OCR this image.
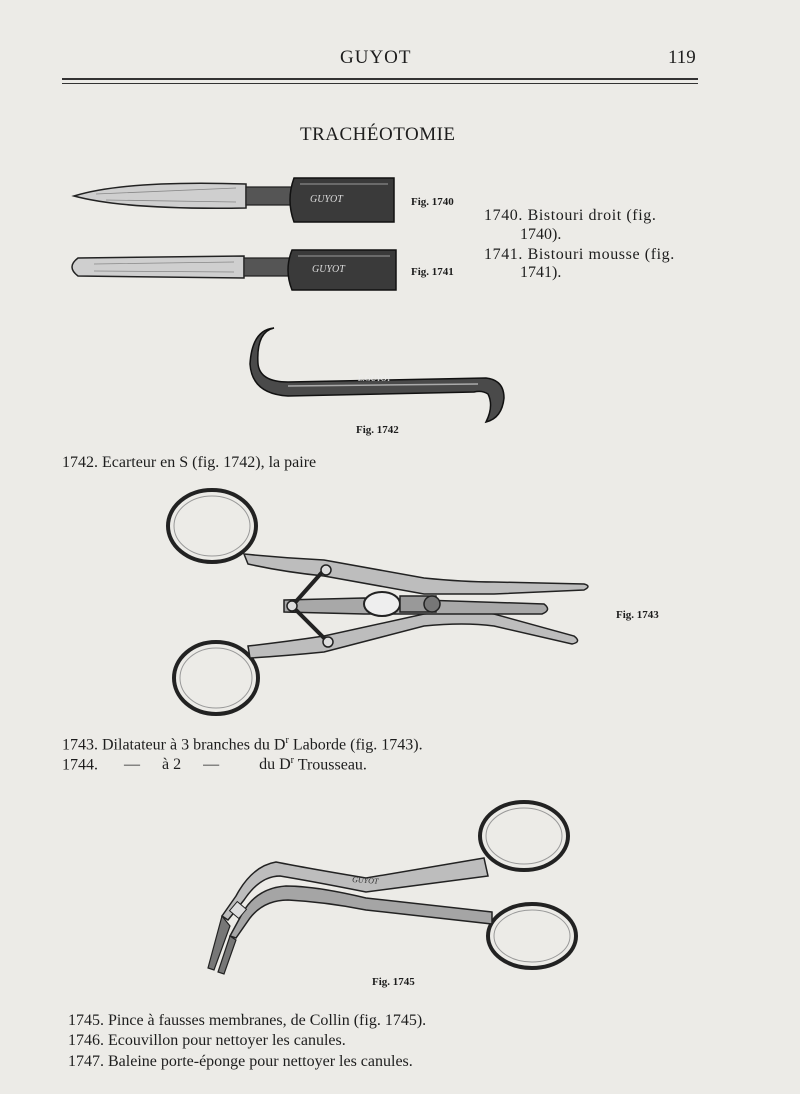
GUYOT	119
TRACHÉOTOMIE
GUYOT	Fig. 1740
GUYOT	Fig. 1741
1740. Bistouri droit (fig.
1740).
1741. Bistouri mousse (fig.
1741).
E.GUYOT
Fig. 1742
1742. Ecarteur en S (fig. 1742), la paire
Fig. 1743
1743. Dilatateur à 3 branches du $D^r$ Laborde (fig. 1743).
1744. — à 2 —	du $D^r$ Trousseau.
GUYOT
Fig. 1745
1745. Pince à fausses membranes, de Collin (fig. 1745).
1746. Ecouvillon pour nettoyer les canules.
1747. Baleine porte-éponge pour nettoyer les canules.
